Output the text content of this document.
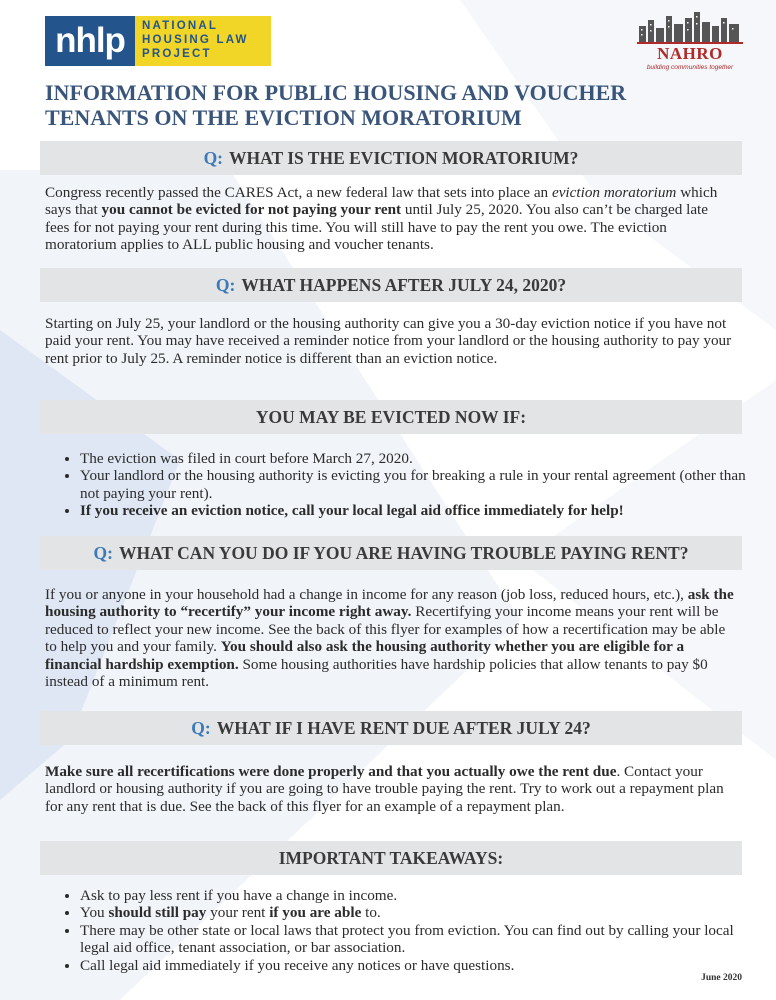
nhlp	NATIONAL
HOUSING LAW
PROJECT	NAHRO
building communities together
INFORMATION FOR PUBLIC HOUSING AND VOUCHER
TENANTS ON THE EVICTION MORATORIUM
Q: WHAT IS THE EVICTION MORATORIUM?

Congress recently passed the CARES Act, a new federal law that sets into place an eviction moratorium which says that you cannot be evicted for not paying your rent until July 25, 2020. You also can’t be charged late fees for not paying your rent during this time. You will still have to pay the rent you owe. The eviction moratorium applies to ALL public housing and voucher tenants.

Q: WHAT HAPPENS AFTER JULY 24, 2020?

Starting on July 25, your landlord or the housing authority can give you a 30-day eviction notice if you have not paid your rent. You may have received a reminder notice from your landlord or the housing authority to pay your rent prior to July 25. A reminder notice is different than an eviction notice.

YOU MAY BE EVICTED NOW IF:
• The eviction was filed in court before March 27, 2020.
• Your landlord or the housing authority is evicting you for breaking a rule in your rental agreement (other than not paying your rent).
• If you receive an eviction notice, call your local legal aid office immediately for help!
Q: WHAT CAN YOU DO IF YOU ARE HAVING TROUBLE PAYING RENT?

If you or anyone in your household had a change in income for any reason (job loss, reduced hours, etc.), ask the housing authority to “recertify” your income right away. Recertifying your income means your rent will be reduced to reflect your new income. See the back of this flyer for examples of how a recertification may be able to help you and your family. You should also ask the housing authority whether you are eligible for a financial hardship exemption. Some housing authorities have hardship policies that allow tenants to pay $0 instead of a minimum rent.

Q: WHAT IF I HAVE RENT DUE AFTER JULY 24?

Make sure all recertifications were done properly and that you actually owe the rent due. Contact your landlord or housing authority if you are going to have trouble paying the rent. Try to work out a repayment plan for any rent that is due. See the back of this flyer for an example of a repayment plan.

IMPORTANT TAKEAWAYS:
• Ask to pay less rent if you have a change in income.
• You should still pay your rent if you are able to.
• There may be other state or local laws that protect you from eviction. You can find out by calling your local legal aid office, tenant association, or bar association.
• Call legal aid immediately if you receive any notices or have questions.
June 2020
